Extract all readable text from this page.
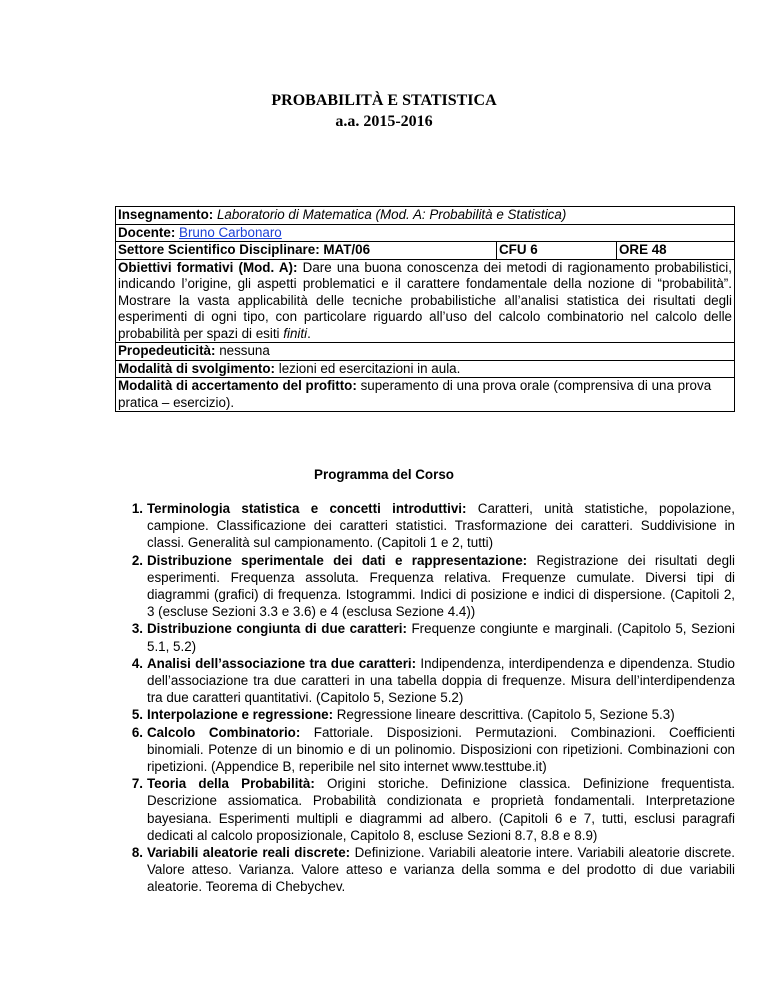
PROBABILITÀ E STATISTICA
a.a. 2015-2016
Insegnamento: Laboratorio di Matematica (Mod. A: Probabilità e Statistica)
Docente: Bruno Carbonaro
Settore Scientifico Disciplinare: MAT/06	CFU 6	ORE 48
Obiettivi formativi (Mod. A): Dare una buona conoscenza dei metodi di ragionamento probabilistici, indicando l’origine, gli aspetti problematici e il carattere fondamentale della nozione di “probabilità”. Mostrare la vasta applicabilità delle tecniche probabilistiche all’analisi statistica dei risultati degli esperimenti di ogni tipo, con particolare riguardo all’uso del calcolo combinatorio nel calcolo delle probabilità per spazi di esiti finiti.
Propedeuticità: nessuna
Modalità di svolgimento: lezioni ed esercitazioni in aula.
Modalità di accertamento del profitto: superamento di una prova orale (comprensiva di una prova pratica – esercizio).
Programma del Corso
1. Terminologia statistica e concetti introduttivi: Caratteri, unità statistiche, popolazione, campione. Classificazione dei caratteri statistici. Trasformazione dei caratteri. Suddivisione in classi. Generalità sul campionamento. (Capitoli 1 e 2, tutti)
2. Distribuzione sperimentale dei dati e rappresentazione: Registrazione dei risultati degli esperimenti. Frequenza assoluta. Frequenza relativa. Frequenze cumulate. Diversi tipi di diagrammi (grafici) di frequenza. Istogrammi. Indici di posizione e indici di dispersione. (Capitoli 2, 3 (escluse Sezioni 3.3 e 3.6) e 4 (esclusa Sezione 4.4))
3. Distribuzione congiunta di due caratteri: Frequenze congiunte e marginali. (Capitolo 5, Sezioni 5.1, 5.2)
4. Analisi dell’associazione tra due caratteri: Indipendenza, interdipendenza e dipendenza. Studio dell’associazione tra due caratteri in una tabella doppia di frequenze. Misura dell’interdipendenza tra due caratteri quantitativi. (Capitolo 5, Sezione 5.2)
5. Interpolazione e regressione: Regressione lineare descrittiva. (Capitolo 5, Sezione 5.3)
6. Calcolo Combinatorio: Fattoriale. Disposizioni. Permutazioni. Combinazioni. Coefficienti binomiali. Potenze di un binomio e di un polinomio. Disposizioni con ripetizioni. Combinazioni con ripetizioni. (Appendice B, reperibile nel sito internet www.testtube.it)
7. Teoria della Probabilità: Origini storiche. Definizione classica. Definizione frequentista. Descrizione assiomatica. Probabilità condizionata e proprietà fondamentali. Interpretazione bayesiana. Esperimenti multipli e diagrammi ad albero. (Capitoli 6 e 7, tutti, esclusi paragrafi dedicati al calcolo proposizionale, Capitolo 8, escluse Sezioni 8.7, 8.8 e 8.9)
8. Variabili aleatorie reali discrete: Definizione. Variabili aleatorie intere. Variabili aleatorie discrete. Valore atteso. Varianza. Valore atteso e varianza della somma e del prodotto di due variabili aleatorie. Teorema di Chebychev.
